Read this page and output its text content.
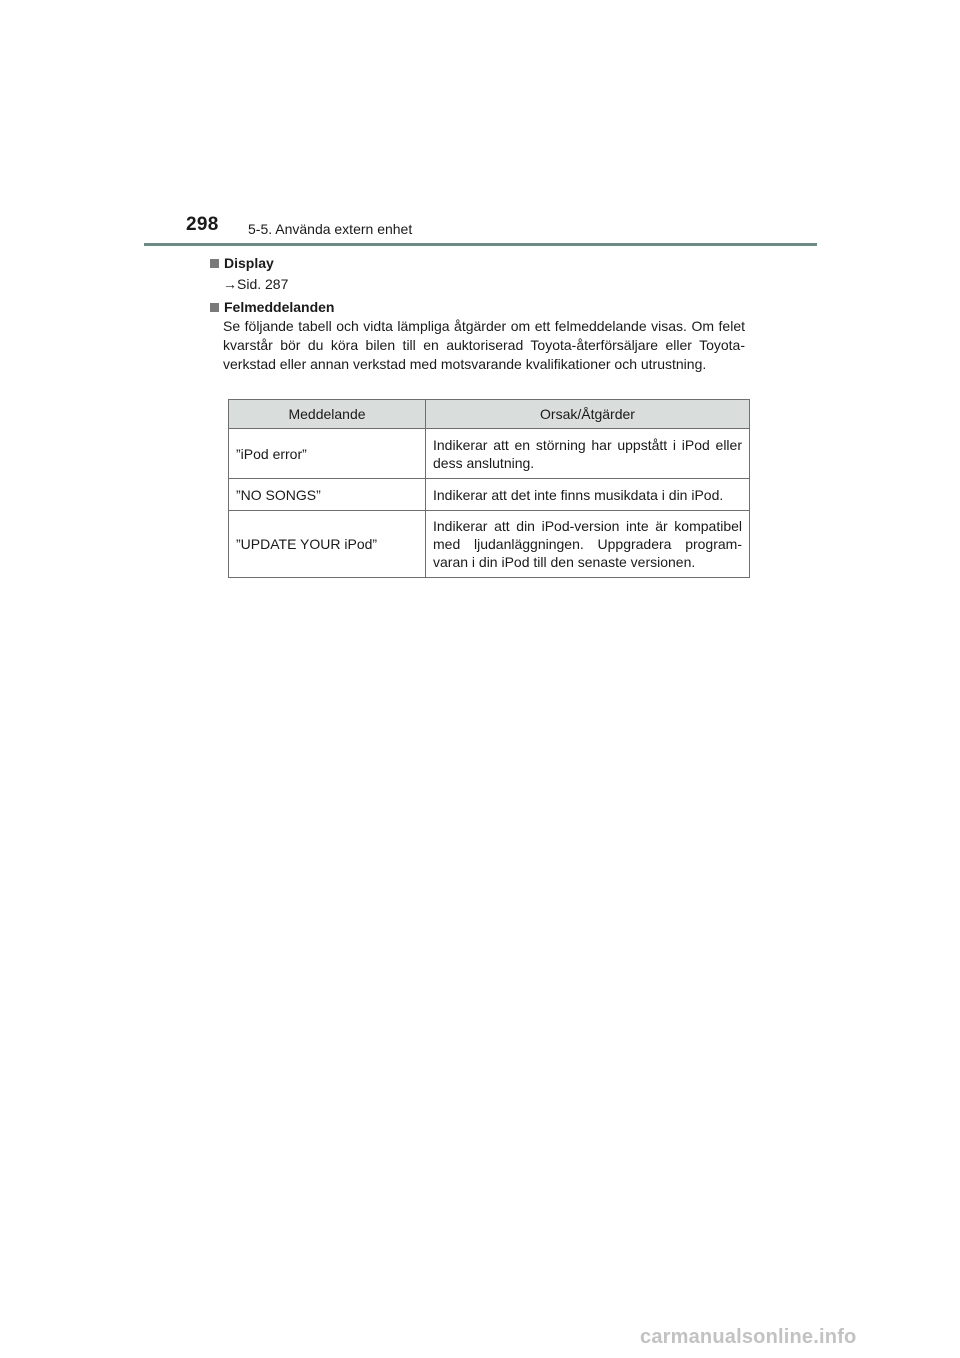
298 5-5. Använda extern enhet
Display
→Sid. 287
Felmeddelanden
Se följande tabell och vidta lämpliga åtgärder om ett felmeddelande visas. Om felet kvarstår bör du köra bilen till en auktoriserad Toyota-återförsäljare eller Toyota-verkstad eller annan verkstad med motsvarande kvalifikationer och utrustning.
Meddelande	Orsak/Åtgärder
”iPod error”	Indikerar att en störning har uppstått i iPod eller dess anslutning.
”NO SONGS”	Indikerar att det inte finns musikdata i din iPod.
”UPDATE YOUR iPod”	Indikerar att din iPod-version inte är kompatibel med ljudanläggningen. Uppgradera program-varan i din iPod till den senaste versionen.
carmanualsonline.info
